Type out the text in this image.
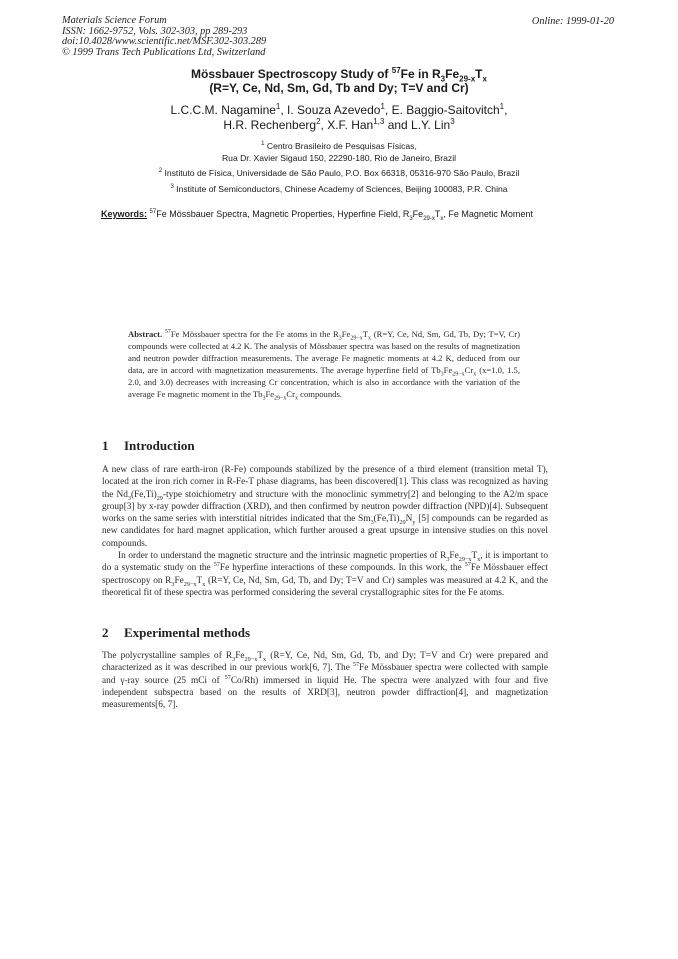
Materials Science Forum
ISSN: 1662-9752, Vols. 302-303, pp 289-293
doi:10.4028/www.scientific.net/MSF.302-303.289
© 1999 Trans Tech Publications Ltd, Switzerland
Online: 1999-01-20
Mössbauer Spectroscopy Study of $^{57}$Fe in $R_3Fe_{29-x}T_x$
(R=Y, Ce, Nd, Sm, Gd, Tb and Dy; T=V and Cr)
L.C.C.M. Nagamine$^1$, I. Souza Azevedo$^1$, E. Baggio-Saitovitch$^1$,
H.R. Rechenberg$^2$, X.F. Han$^{1,3}$ and L.Y. Lin$^3$
$^1$ Centro Brasileiro de Pesquisas Físicas,
Rua Dr. Xavier Sigaud 150, 22290-180, Rio de Janeiro, Brazil
$^2$ Instituto de Física, Universidade de São Paulo, P.O. Box 66318, 05316-970 São Paulo, Brazil
$^3$ Institute of Semiconductors, Chinese Academy of Sciences, Beijing 100083, P.R. China
Keywords: $^{57}$Fe Mössbauer Spectra, Magnetic Properties, Hyperfine Field, $R_3Fe_{29-x}T_x$, Fe Magnetic Moment
Abstract. $^{57}$Fe Mössbauer spectra for the Fe atoms in the $R_3Fe_{29-x}T_x$ (R=Y, Ce, Nd, Sm, Gd, Tb, Dy; T=V, Cr) compounds were collected at 4.2 K. The analysis of Mössbauer spectra was based on the results of magnetization and neutron powder diffraction measurements. The average Fe magnetic moments at 4.2 K, deduced from our data, are in accord with magnetization measurements. The average hyperfine field of $Tb_3Fe_{29-x}Cr_x$ (x=1.0, 1.5, 2.0, and 3.0) decreases with increasing Cr concentration, which is also in accordance with the variation of the average Fe magnetic moment in the $Tb_3Fe_{29-x}Cr_x$ compounds.
1 Introduction

A new class of rare earth-iron (R-Fe) compounds stabilized by the presence of a third element (transition metal T), located at the iron rich corner in R-Fe-T phase diagrams, has been discovered[1]. This class was recognized as having the $Nd_3(Fe,Ti)_{29}$-type stoichiometry and structure with the monoclinic symmetry[2] and belonging to the A2/m space group[3] by x-ray powder diffraction (XRD), and then confirmed by neutron powder diffraction (NPD)[4]. Subsequent works on the same series with interstitial nitrides indicated that the $Sm_3(Fe,Ti)_{29}N_y$ [5] compounds can be regarded as new candidates for hard magnet application, which further aroused a great upsurge in intensive studies on this novel compounds.

In order to understand the magnetic structure and the intrinsic magnetic properties of $R_3Fe_{29-x}T_x$, it is important to do a systematic study on the $^{57}$Fe hyperfine interactions of these compounds. In this work, the $^{57}$Fe Mössbauer effect spectroscopy on $R_3Fe_{29-x}T_x$ (R=Y, Ce, Nd, Sm, Gd, Tb, and Dy; T=V and Cr) samples was measured at 4.2 K, and the theoretical fit of these spectra was performed considering the several crystallographic sites for the Fe atoms.

2 Experimental methods

The polycrystalline samples of $R_3Fe_{29-x}T_x$ (R=Y, Ce, Nd, Sm, Gd, Tb, and Dy; T=V and Cr) were prepared and characterized as it was described in our previous work[6, 7]. The $^{57}$Fe Mössbauer spectra were collected with sample and γ-ray source (25 mCi of $^{57}$Co/Rh) immersed in liquid He. The spectra were analyzed with four and five independent subspectra based on the results of XRD[3], neutron powder diffraction[4], and magnetization measurements[6, 7].
